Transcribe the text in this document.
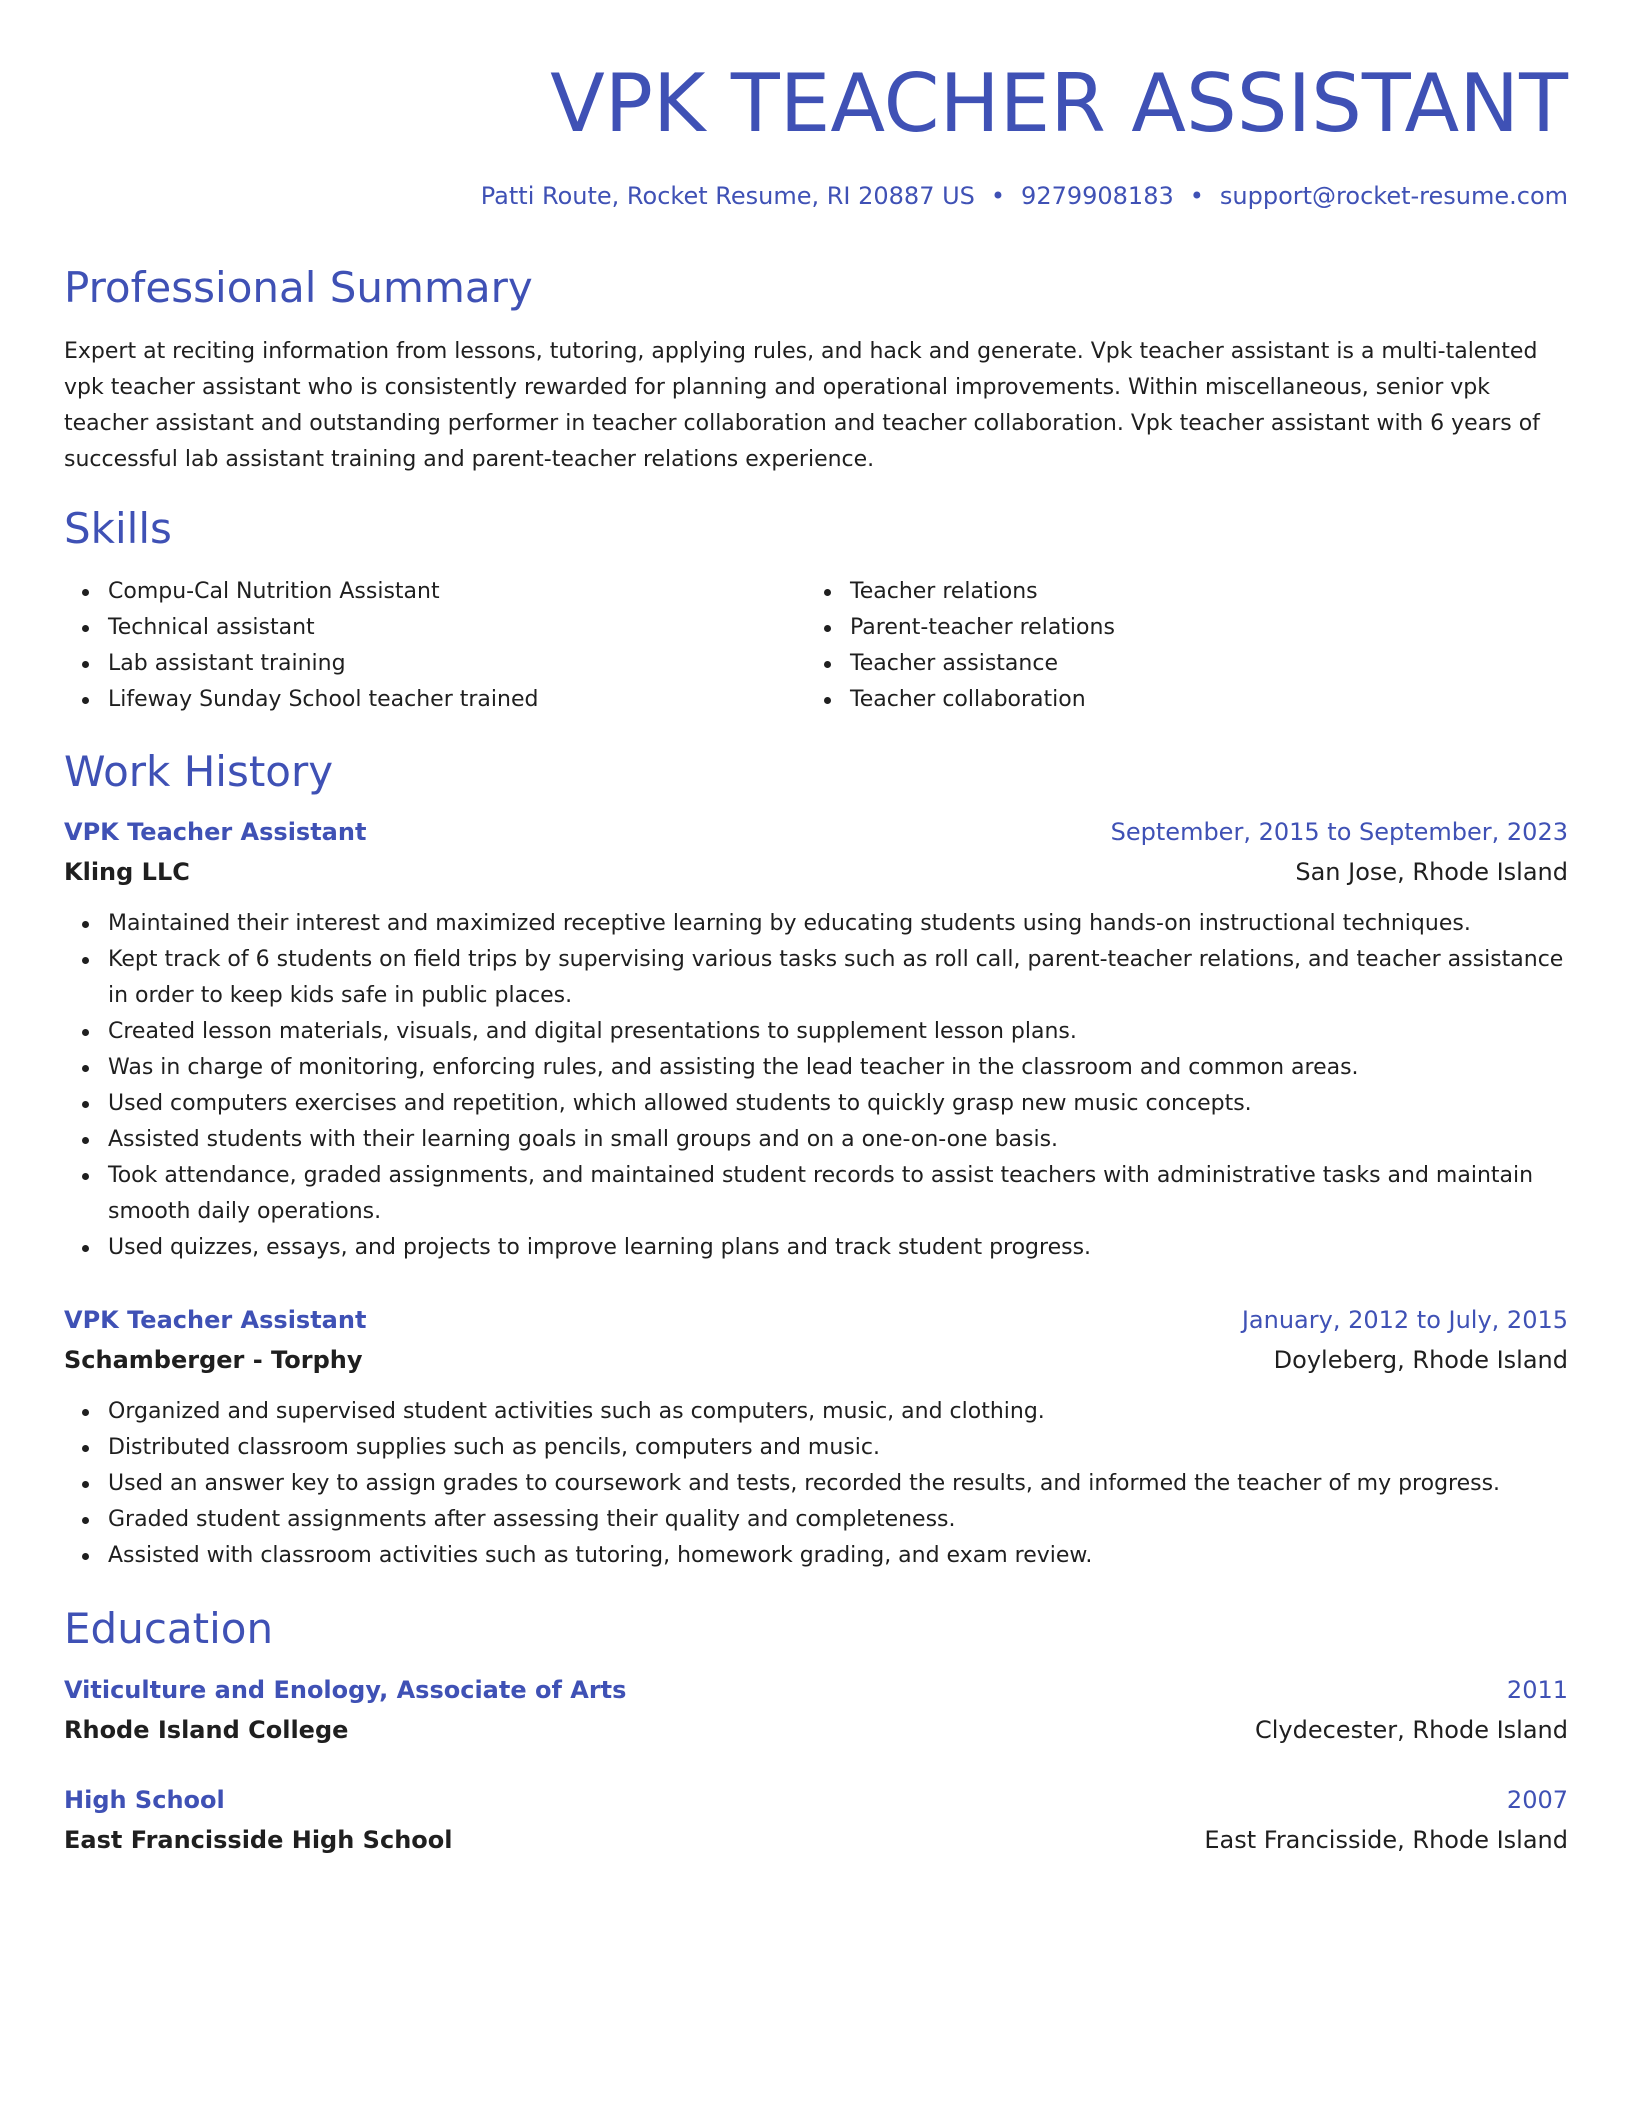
VPK TEACHER ASSISTANT
Patti Route, Rocket Resume, RI 20887 US • 9279908183 • support@rocket-resume.com
Professional Summary

Expert at reciting information from lessons, tutoring, applying rules, and hack and generate. Vpk teacher assistant is a multi-talented vpk teacher assistant who is consistently rewarded for planning and operational improvements. Within miscellaneous, senior vpk teacher assistant and outstanding performer in teacher collaboration and teacher collaboration. Vpk teacher assistant with 6 years of successful lab assistant training and parent-teacher relations experience.

Skills
Compu-Cal Nutrition Assistant
Technical assistant
Lab assistant training
Lifeway Sunday School teacher trained
Teacher relations
Parent-teacher relations
Teacher assistance
Teacher collaboration
Work History
VPK Teacher Assistant	September, 2015 to September, 2023
Kling LLC	San Jose, Rhode Island
Maintained their interest and maximized receptive learning by educating students using hands-on instructional techniques.
Kept track of 6 students on field trips by supervising various tasks such as roll call, parent-teacher relations, and teacher assistance in order to keep kids safe in public places.
Created lesson materials, visuals, and digital presentations to supplement lesson plans.
Was in charge of monitoring, enforcing rules, and assisting the lead teacher in the classroom and common areas.
Used computers exercises and repetition, which allowed students to quickly grasp new music concepts.
Assisted students with their learning goals in small groups and on a one-on-one basis.
Took attendance, graded assignments, and maintained student records to assist teachers with administrative tasks and maintain smooth daily operations.
Used quizzes, essays, and projects to improve learning plans and track student progress.
VPK Teacher Assistant	January, 2012 to July, 2015
Schamberger - Torphy	Doyleberg, Rhode Island
Organized and supervised student activities such as computers, music, and clothing.
Distributed classroom supplies such as pencils, computers and music.
Used an answer key to assign grades to coursework and tests, recorded the results, and informed the teacher of my progress.
Graded student assignments after assessing their quality and completeness.
Assisted with classroom activities such as tutoring, homework grading, and exam review.
Education
Viticulture and Enology, Associate of Arts	2011
Rhode Island College	Clydecester, Rhode Island
High School	2007
East Francisside High School	East Francisside, Rhode Island
